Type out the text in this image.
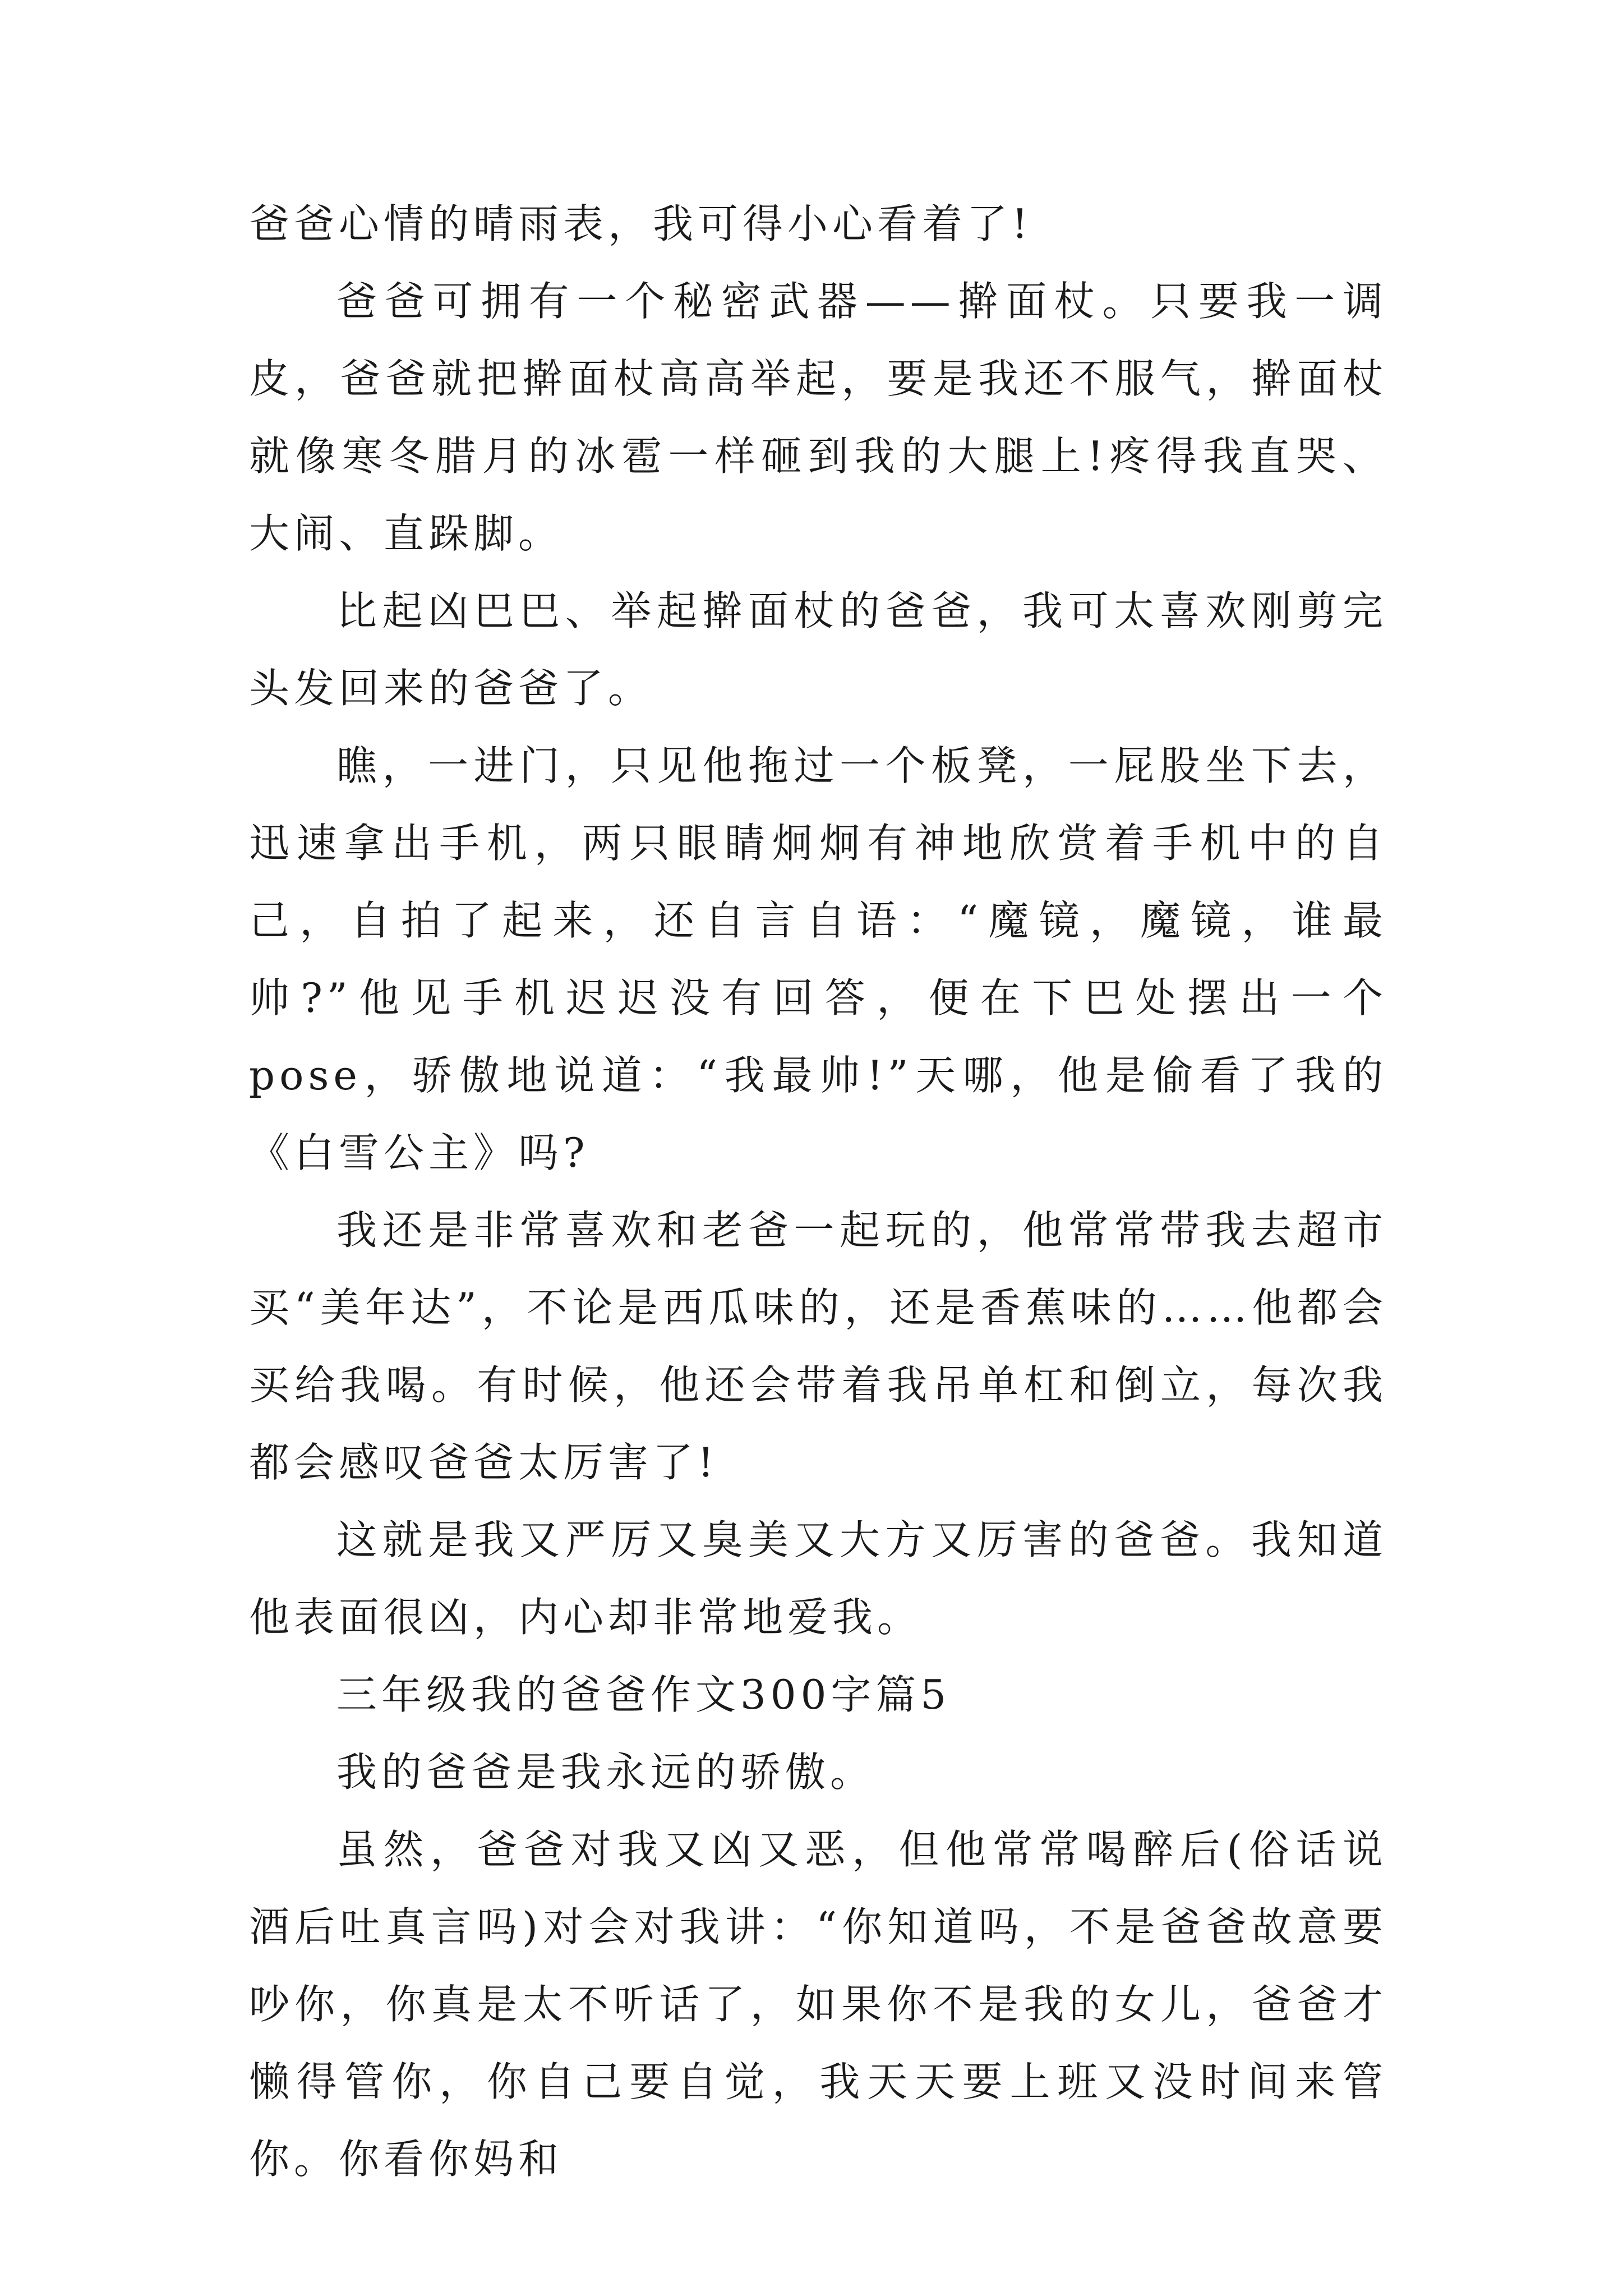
爸爸心情的晴雨表，我可得小心看着了!

爸爸可拥有一个秘密武器——擀面杖。只要我一调皮，爸爸就把擀面杖高高举起，要是我还不服气，擀面杖就像寒冬腊月的冰雹一样砸到我的大腿上!疼得我直哭、大闹、直跺脚。

比起凶巴巴、举起擀面杖的爸爸，我可太喜欢刚剪完头发回来的爸爸了。

瞧，一进门，只见他拖过一个板凳，一屁股坐下去，迅速拿出手机，两只眼睛炯炯有神地欣赏着手机中的自己，自拍了起来，还自言自语：“魔镜，魔镜，谁最帅?”他见手机迟迟没有回答，便在下巴处摆出一个pose，骄傲地说道：“我最帅!”天哪，他是偷看了我的《白雪公主》吗?

我还是非常喜欢和老爸一起玩的，他常常带我去超市买“美年达”，不论是西瓜味的，还是香蕉味的……他都会买给我喝。有时候，他还会带着我吊单杠和倒立，每次我都会感叹爸爸太厉害了!

这就是我又严厉又臭美又大方又厉害的爸爸。我知道他表面很凶，内心却非常地爱我。

三年级我的爸爸作文300字篇5

我的爸爸是我永远的骄傲。

虽然，爸爸对我又凶又恶，但他常常喝醉后(俗话说酒后吐真言吗)对会对我讲：“你知道吗，不是爸爸故意要吵你，你真是太不听话了，如果你不是我的女儿，爸爸才懒得管你，你自己要自觉，我天天要上班又没时间来管你。你看你妈和
